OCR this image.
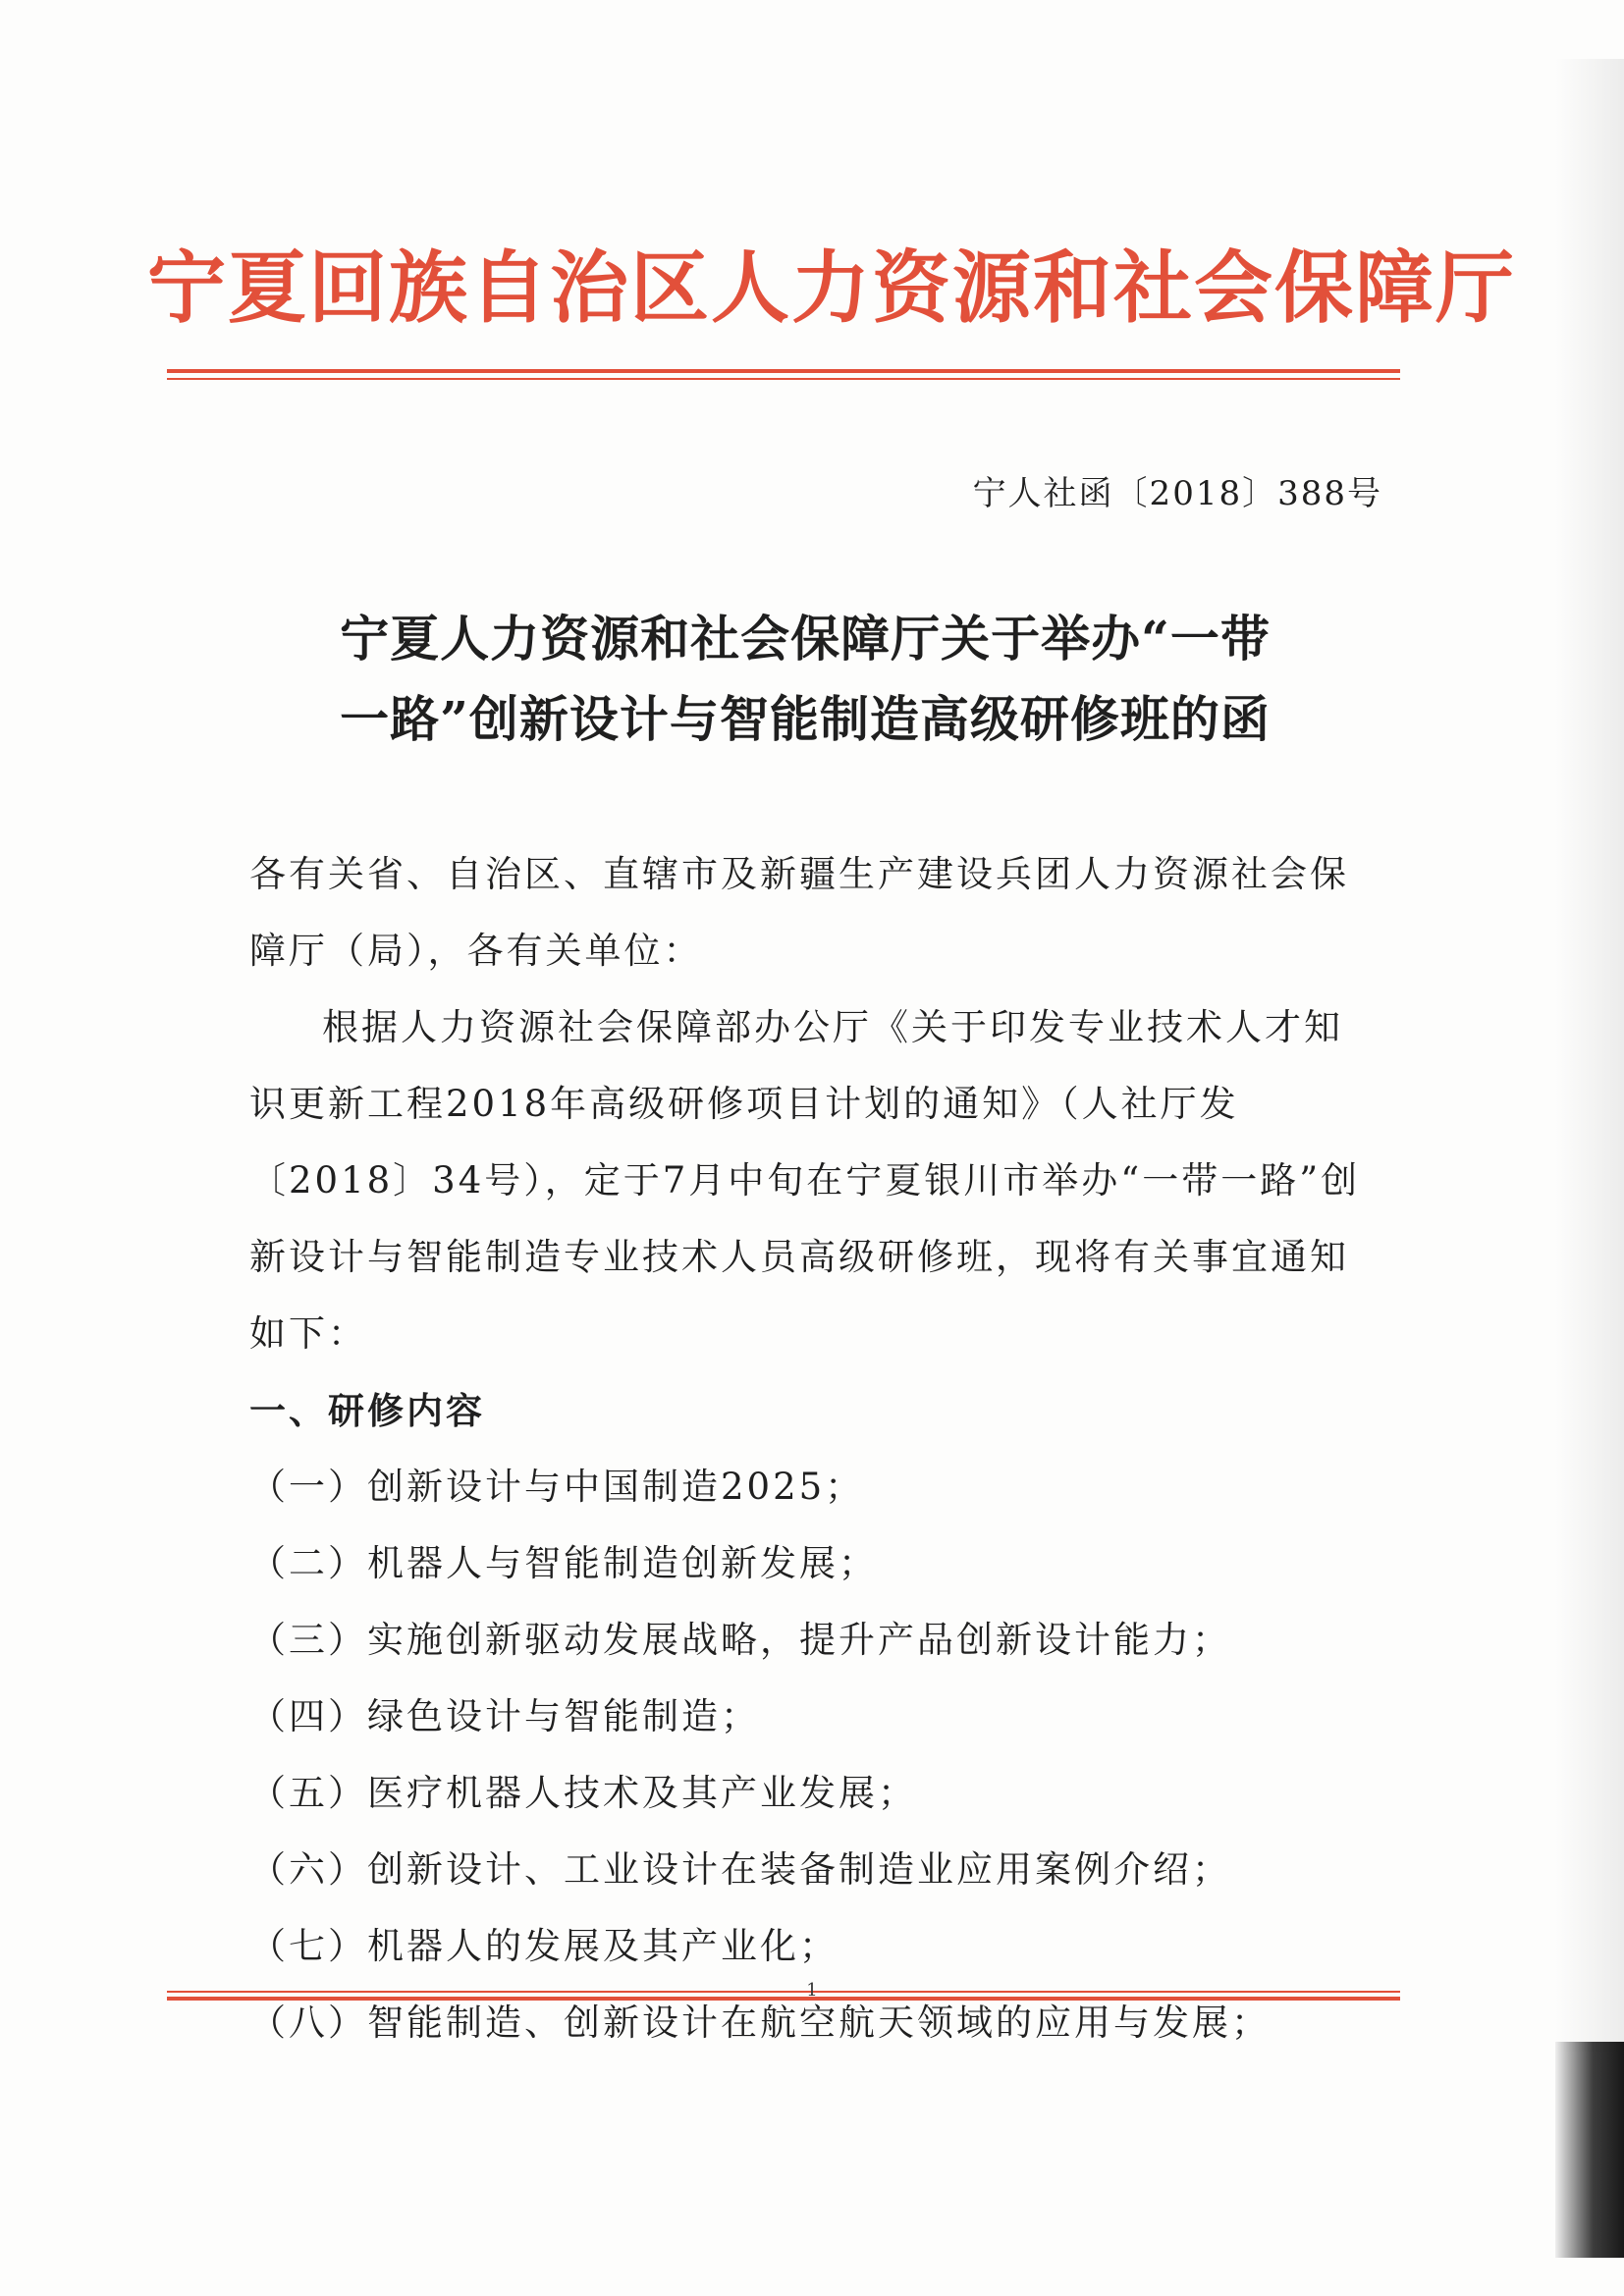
宁夏回族自治区人力资源和社会保障厅
宁人社函〔2018〕388号
宁夏人力资源和社会保障厅关于举办“一带
一路”创新设计与智能制造高级研修班的函

各有关省、自治区、直辖市及新疆生产建设兵团人力资源社会保障厅（局），各有关单位：

根据人力资源社会保障部办公厅《关于印发专业技术人才知识更新工程2018年高级研修项目计划的通知》（人社厅发〔2018〕34号），定于7月中旬在宁夏银川市举办“一带一路”创新设计与智能制造专业技术人员高级研修班，现将有关事宜通知如下：

一、研修内容

（一）创新设计与中国制造2025；

（二）机器人与智能制造创新发展；

（三）实施创新驱动发展战略，提升产品创新设计能力；

（四）绿色设计与智能制造；

（五）医疗机器人技术及其产业发展；

（六）创新设计、工业设计在装备制造业应用案例介绍；

（七）机器人的发展及其产业化；

（八）智能制造、创新设计在航空航天领域的应用与发展；

1
